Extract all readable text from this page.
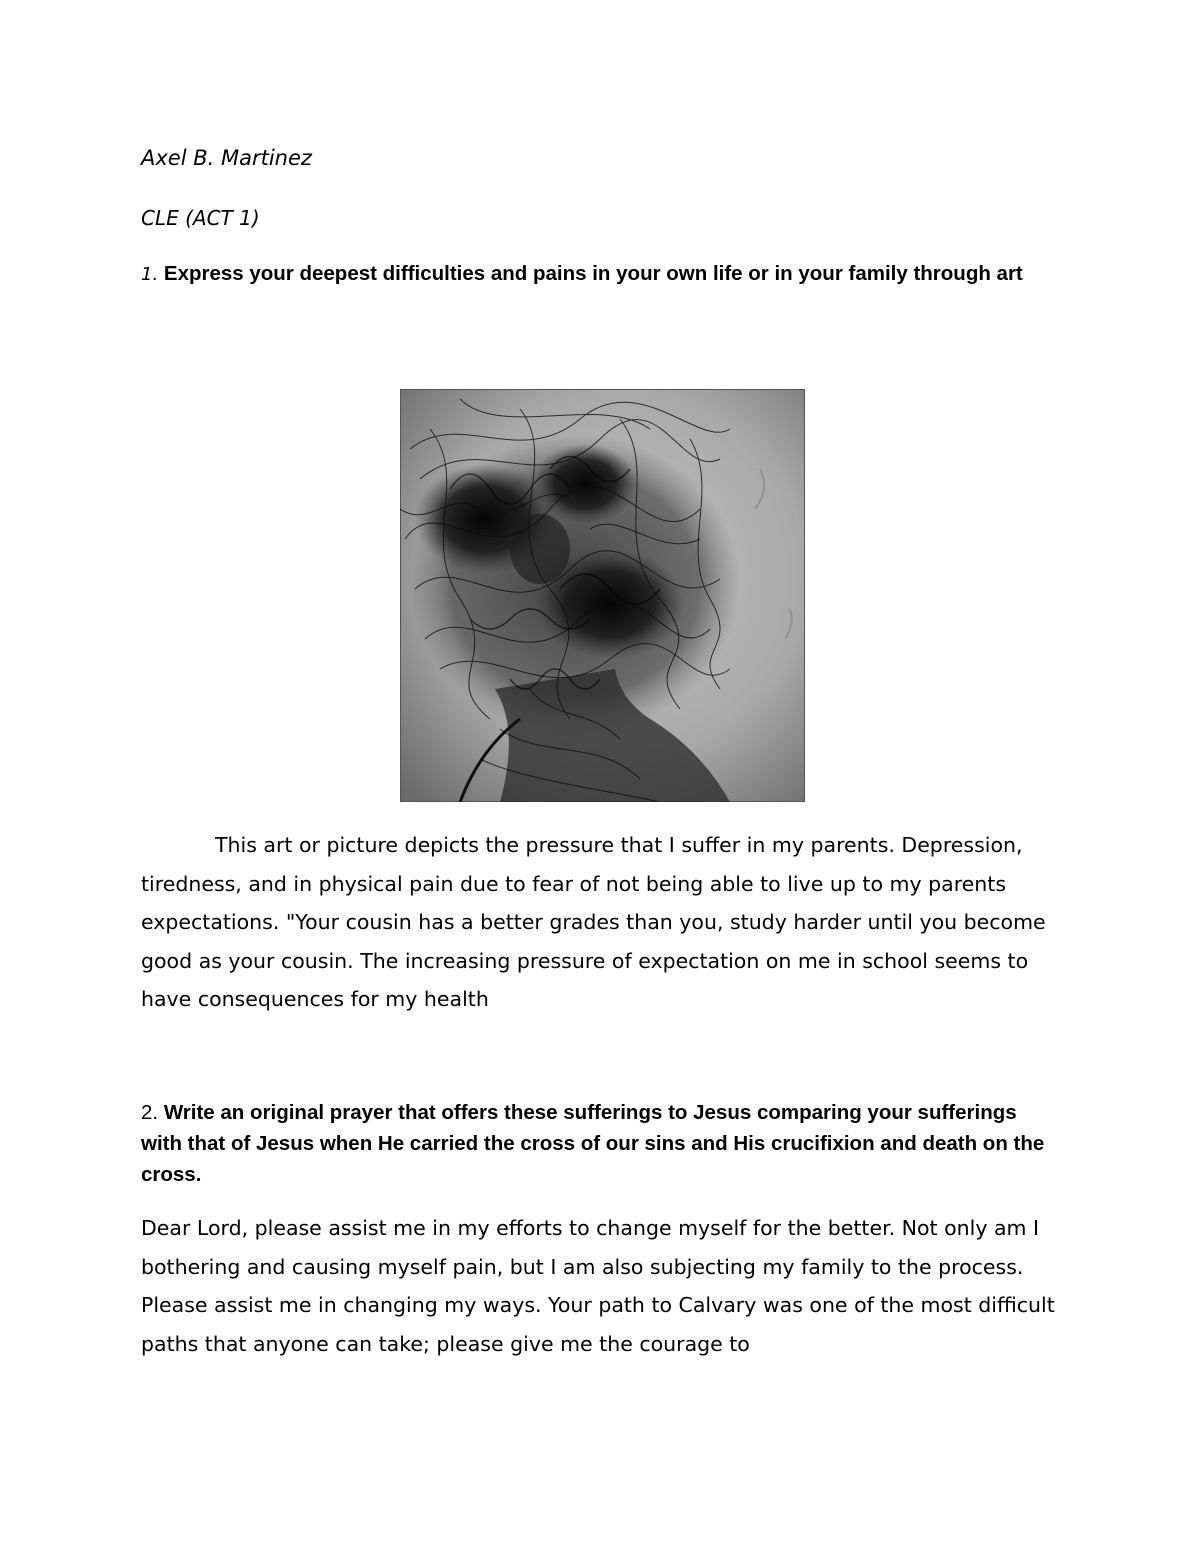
Axel B. Martinez
CLE (ACT 1)
1. Express your deepest difficulties and pains in your own life or in your family through art
This art or picture depicts the pressure that I suffer in my parents. Depression, tiredness, and in physical pain due to fear of not being able to live up to my parents expectations. "Your cousin has a better grades than you, study harder until you become good as your cousin. The increasing pressure of expectation on me in school seems to have consequences for my health
2. Write an original prayer that offers these sufferings to Jesus comparing your sufferings with that of Jesus when He carried the cross of our sins and His crucifixion and death on the cross.
Dear Lord, please assist me in my efforts to change myself for the better. Not only am I bothering and causing myself pain, but I am also subjecting my family to the process. Please assist me in changing my ways. Your path to Calvary was one of the most difficult paths that anyone can take; please give me the courage to
